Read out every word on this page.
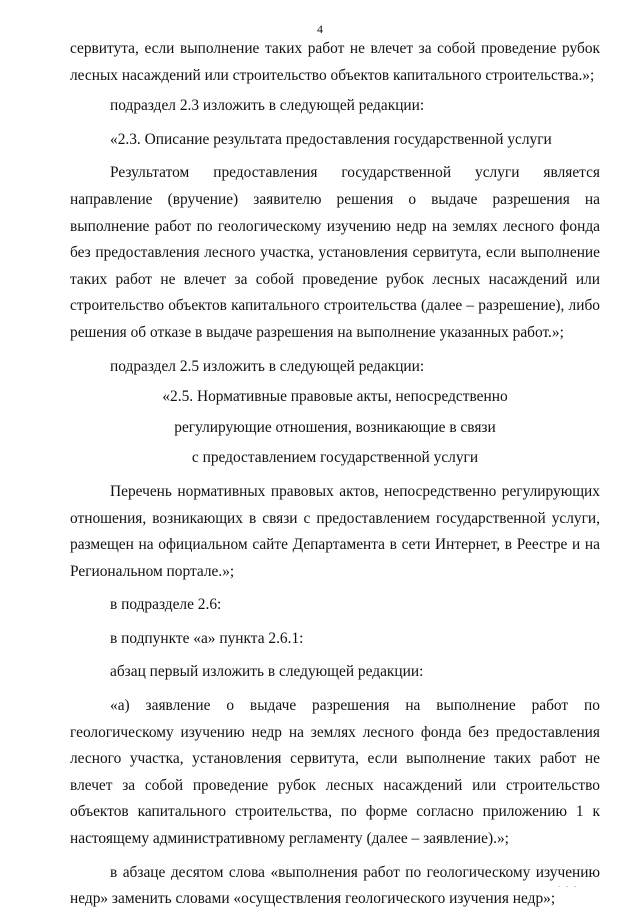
4

сервитута, если выполнение таких работ не влечет за собой проведение рубок лесных насаждений или строительство объектов капитального строительства.»;

подраздел 2.3 изложить в следующей редакции:

«2.3. Описание результата предоставления государственной услуги

Результатом предоставления государственной услуги является направление (вручение) заявителю решения о выдаче разрешения на выполнение работ по геологическому изучению недр на землях лесного фонда без предоставления лесного участка, установления сервитута, если выполнение таких работ не влечет за собой проведение рубок лесных насаждений или строительство объектов капитального строительства (далее – разрешение), либо решения об отказе в выдаче разрешения на выполнение указанных работ.»;

подраздел 2.5 изложить в следующей редакции:

«2.5. Нормативные правовые акты, непосредственно

регулирующие отношения, возникающие в связи

с предоставлением государственной услуги

Перечень нормативных правовых актов, непосредственно регулирующих отношения, возникающих в связи с предоставлением государственной услуги, размещен на официальном сайте Департамента в сети Интернет, в Реестре и на Региональном портале.»;

в подразделе 2.6:

в подпункте «а» пункта 2.6.1:

абзац первый изложить в следующей редакции:

«а) заявление о выдаче разрешения на выполнение работ по геологическому изучению недр на землях лесного фонда без предоставления лесного участка, установления сервитута, если выполнение таких работ не влечет за собой проведение рубок лесных насаждений или строительство объектов капитального строительства, по форме согласно приложению 1 к настоящему административному регламенту (далее – заявление).»;

в абзаце десятом слова «выполнения работ по геологическому изучению недр» заменить словами «осуществления геологического изучения недр»;

. . .
